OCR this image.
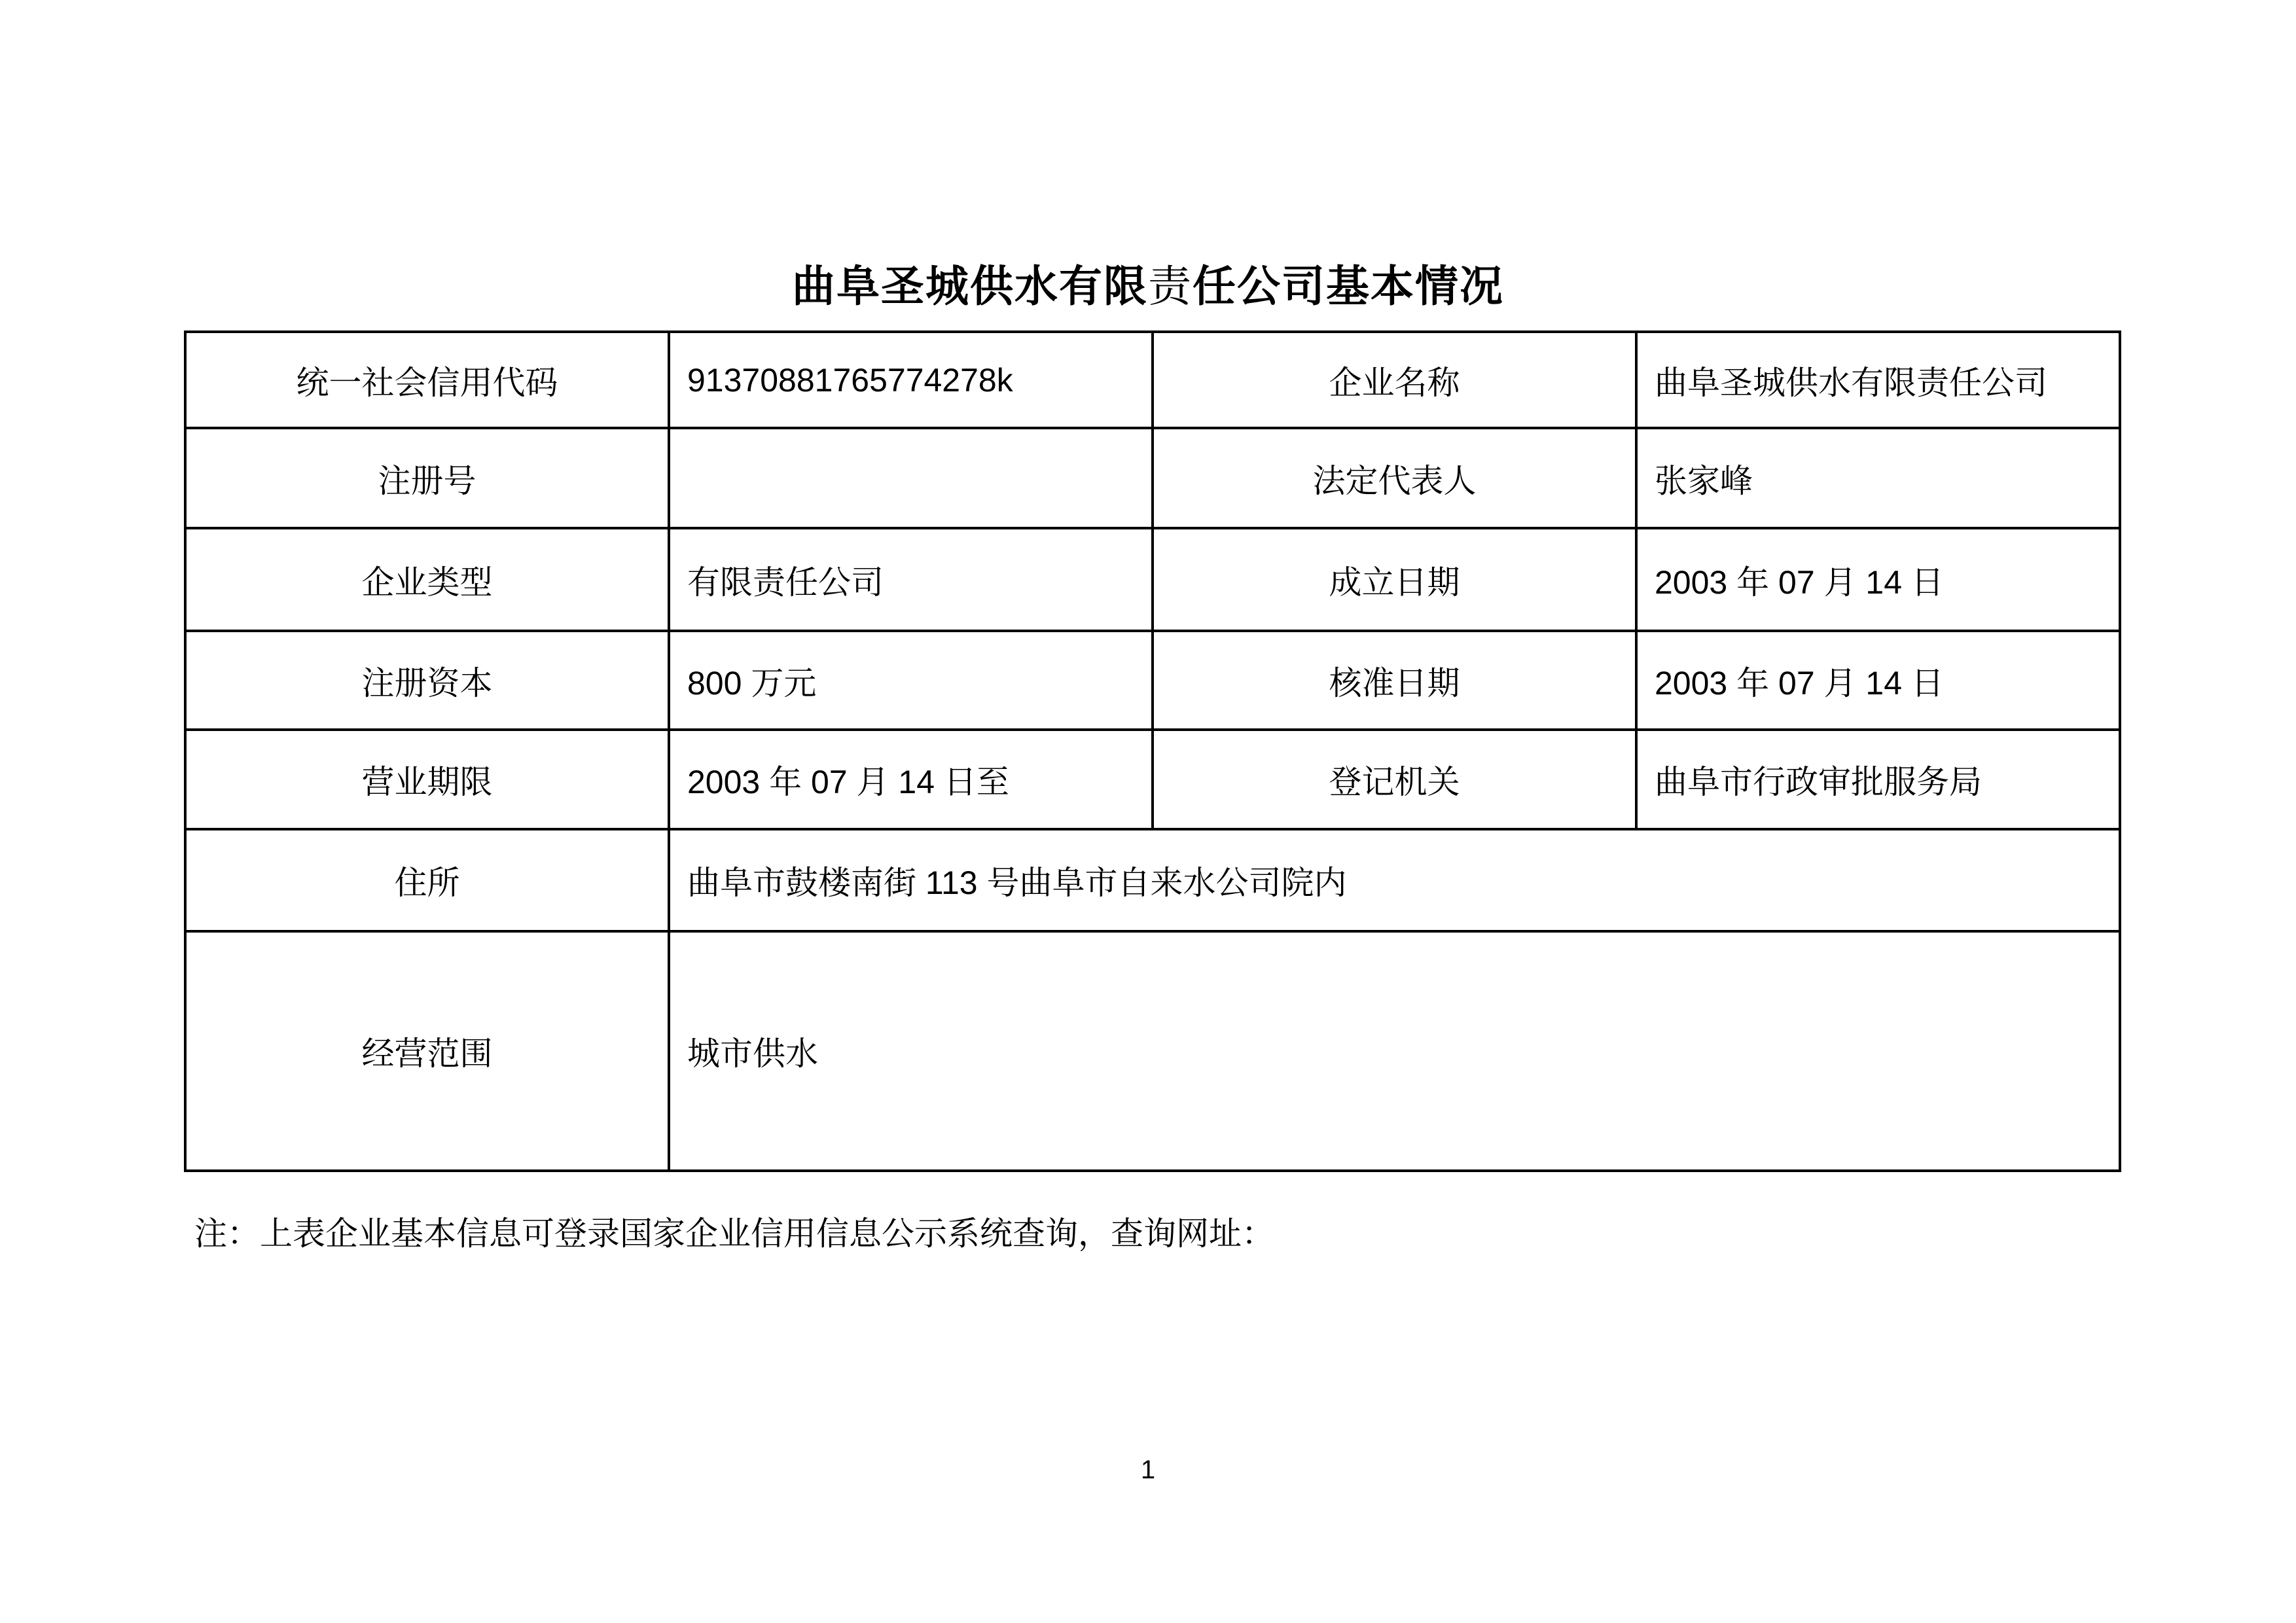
曲阜圣城供水有限责任公司基本情况
统一社会信用代码	91370881765774278k	企业名称	曲阜圣城供水有限责任公司
注册号		法定代表人	张家峰
企业类型	有限责任公司	成立日期	2003 年 07 月 14 日
注册资本	800 万元	核准日期	2003 年 07 月 14 日
营业期限	2003 年 07 月 14 日至	登记机关	曲阜市行政审批服务局
住所	曲阜市鼓楼南街 113 号曲阜市自来水公司院内		
经营范围	城市供水		

注：上表企业基本信息可登录国家企业信用信息公示系统查询，查询网址：

1
